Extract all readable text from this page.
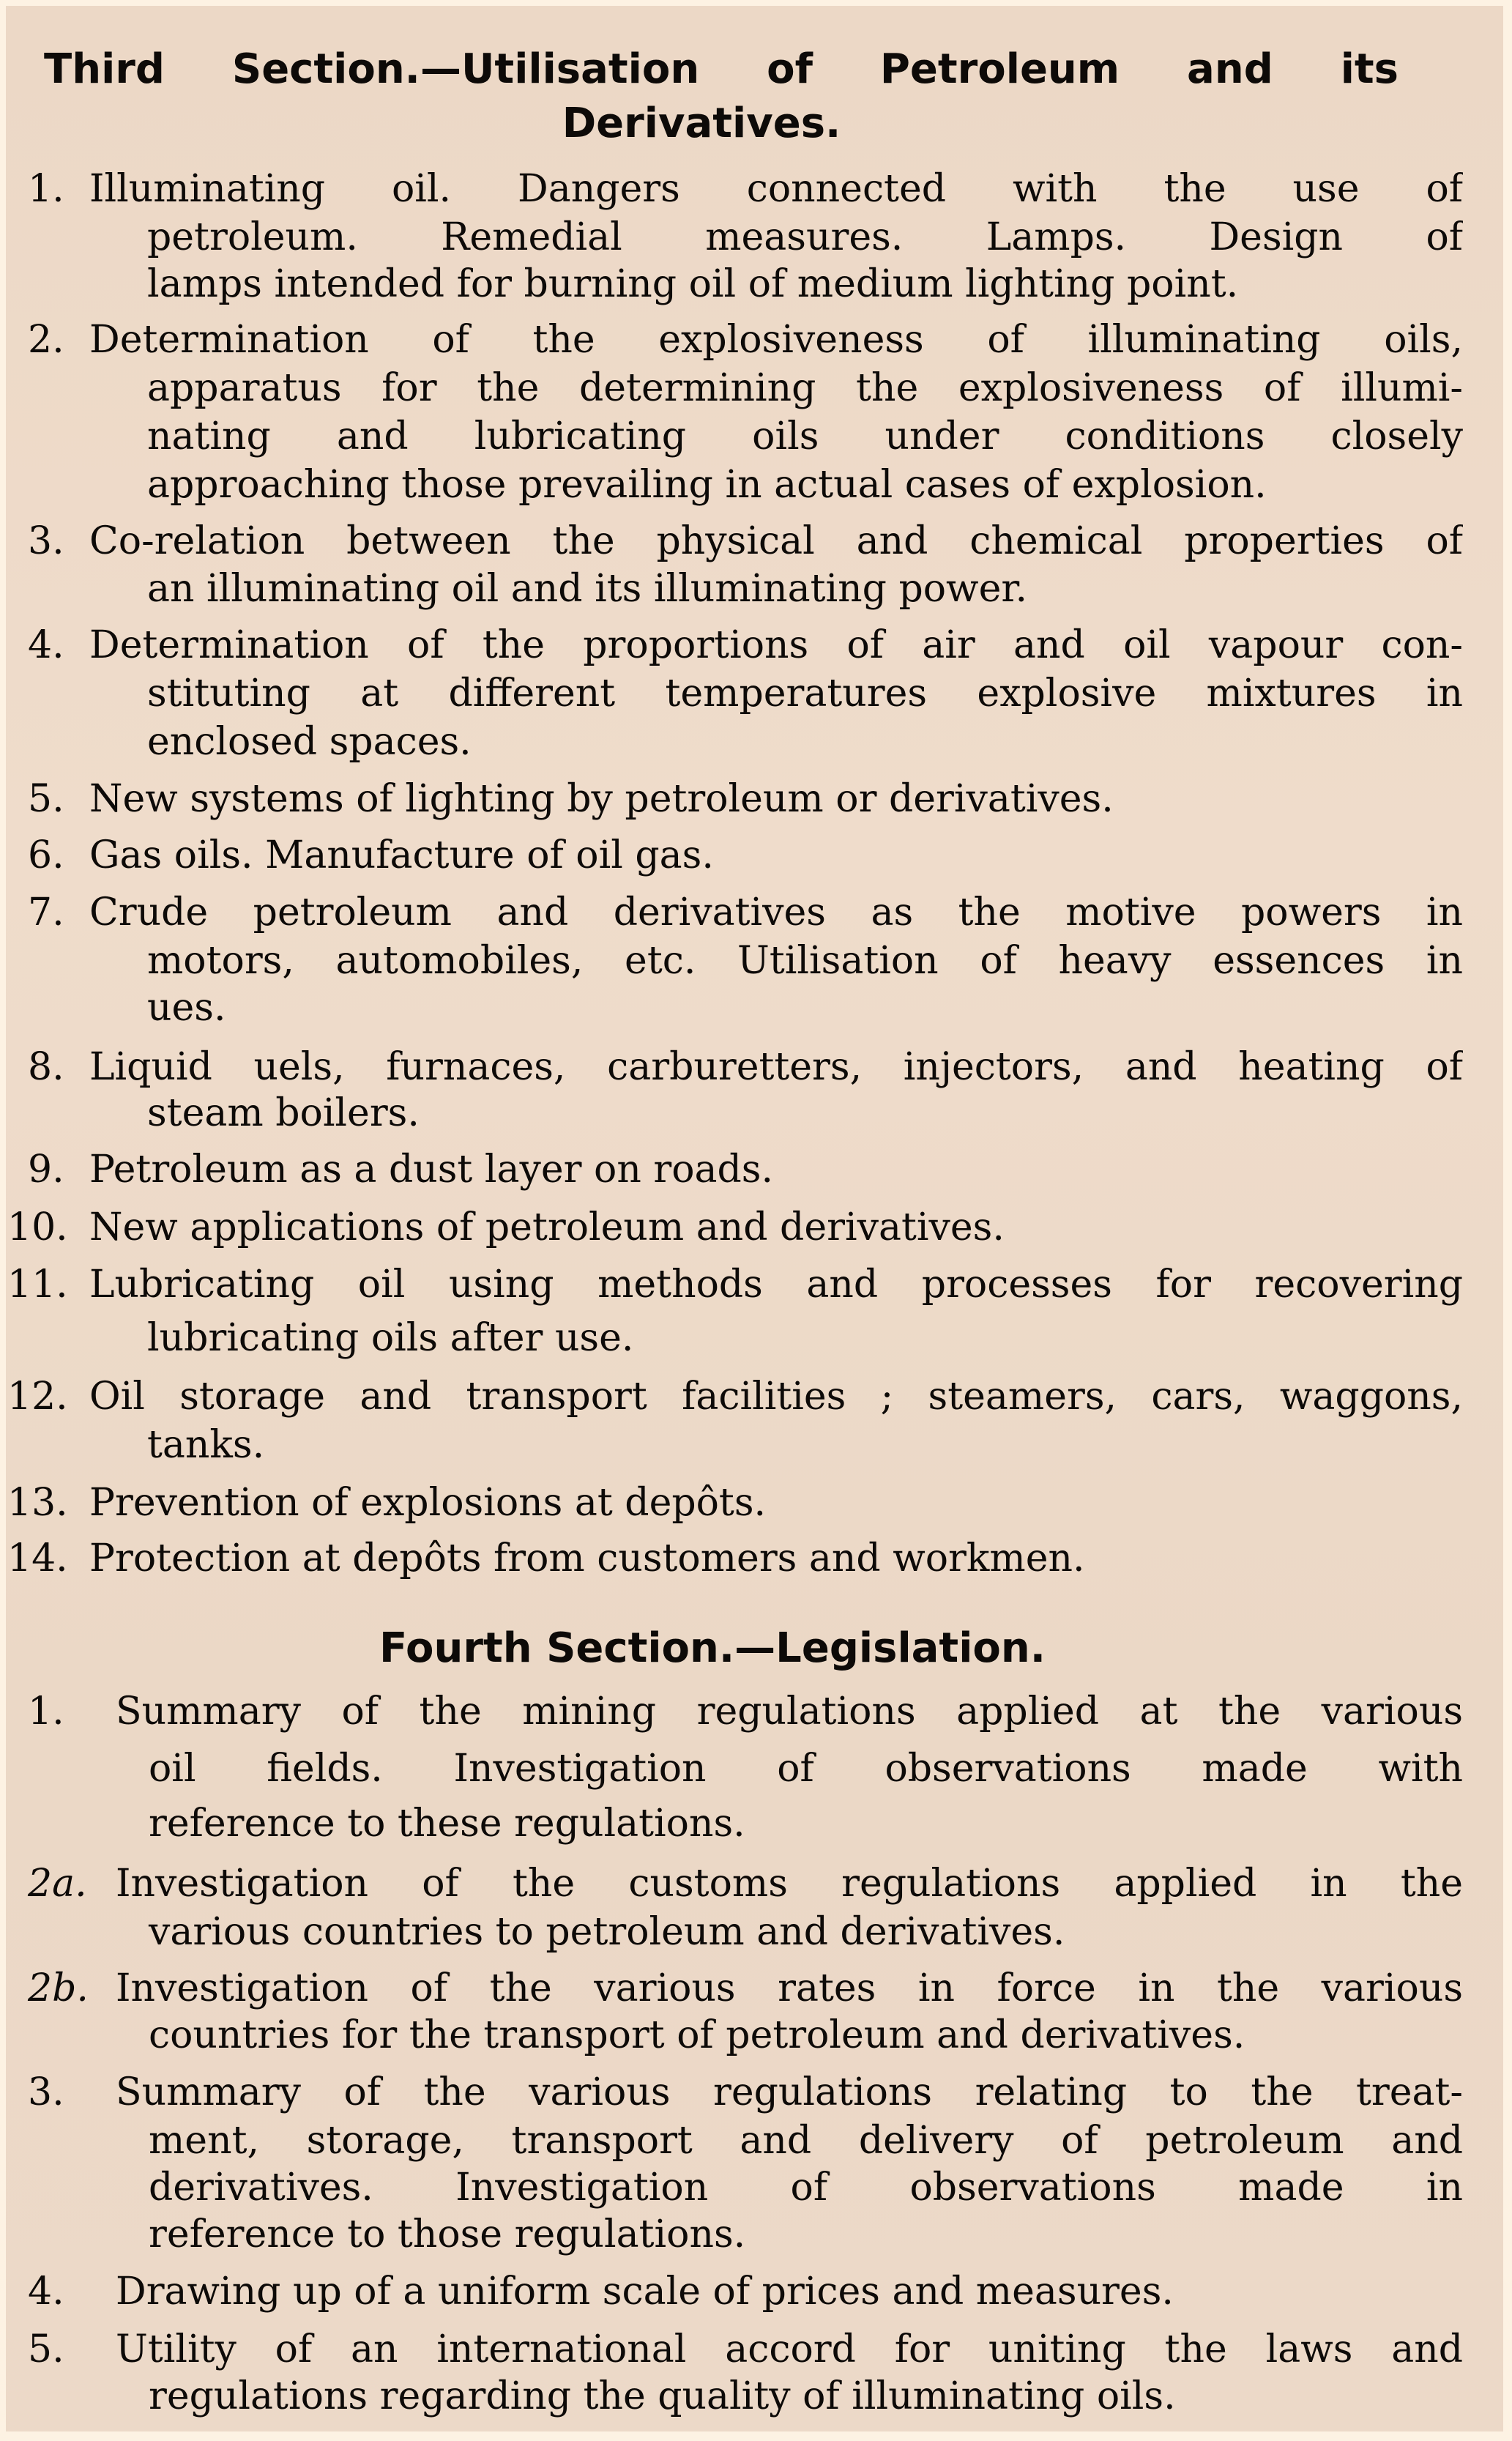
Third Section.—Utilisation of Petroleum and its
Derivatives.
1. Illuminating oil. Dangers connected with the use of
petroleum. Remedial measures. Lamps. Design of
lamps intended for burning oil of medium lighting point.
2. Determination of the explosiveness of illuminating oils,
apparatus for the determining the explosiveness of illumi-
nating and lubricating oils under conditions closely
approaching those prevailing in actual cases of explosion.
3. Co-relation between the physical and chemical properties of
an illuminating oil and its illuminating power.
4. Determination of the proportions of air and oil vapour con-
stituting at different temperatures explosive mixtures in
enclosed spaces.
5. New systems of lighting by petroleum or derivatives.
6. Gas oils. Manufacture of oil gas.
7. Crude petroleum and derivatives as the motive powers in
motors, automobiles, etc. Utilisation of heavy essences in
ues.
8. Liquid uels, furnaces, carburetters, injectors, and heating of
steam boilers.
9. Petroleum as a dust layer on roads.
10. New applications of petroleum and derivatives.
11. Lubricating oil using methods and processes for recovering
lubricating oils after use.
12. Oil storage and transport facilities ; steamers, cars, waggons,
tanks.
13. Prevention of explosions at depôts.
14. Protection at depôts from customers and workmen.
Fourth Section.—Legislation.
1. Summary of the mining regulations applied at the various
oil fields. Investigation of observations made with
reference to these regulations.
2a. Investigation of the customs regulations applied in the
various countries to petroleum and derivatives.
2b. Investigation of the various rates in force in the various
countries for the transport of petroleum and derivatives.
3. Summary of the various regulations relating to the treat-
ment, storage, transport and delivery of petroleum and
derivatives. Investigation of observations made in
reference to those regulations.
4. Drawing up of a uniform scale of prices and measures.
5. Utility of an international accord for uniting the laws and
regulations regarding the quality of illuminating oils.
